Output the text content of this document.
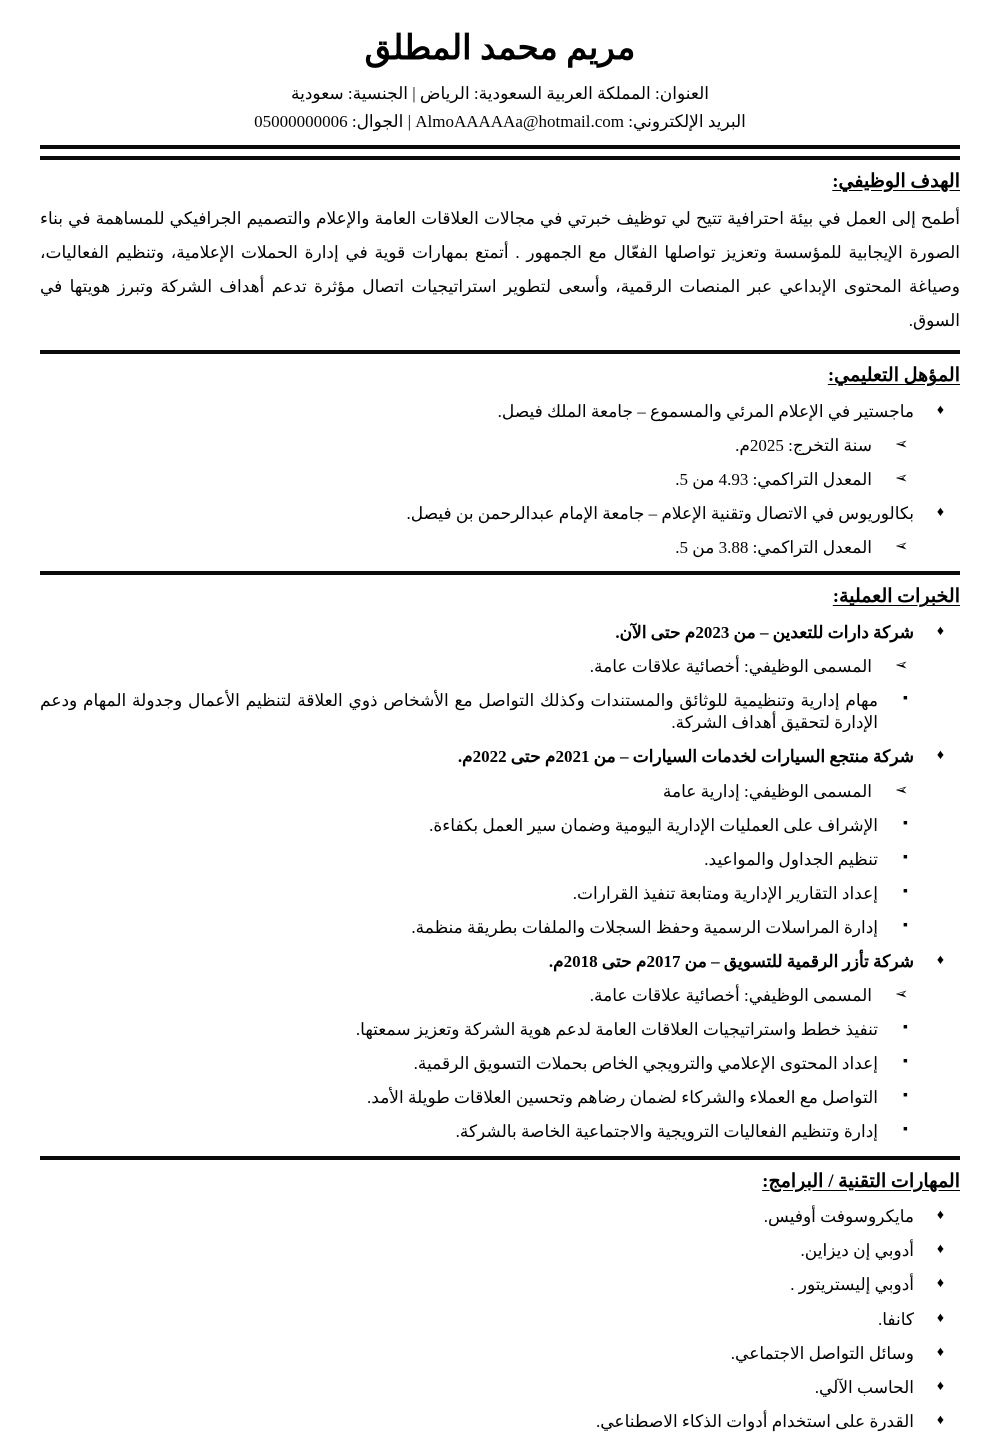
مريم محمد المطلق

العنوان: المملكة العربية السعودية: الرياض | الجنسية: سعودية

البريد الإلكتروني: AlmoAAAAAa@hotmail.com | الجوال: 05000000006

الهدف الوظيفي:

أطمح إلى العمل في بيئة احترافية تتيح لي توظيف خبرتي في مجالات العلاقات العامة والإعلام والتصميم الجرافيكي للمساهمة في بناء الصورة الإيجابية للمؤسسة وتعزيز تواصلها الفعّال مع الجمهور . أتمتع بمهارات قوية في إدارة الحملات الإعلامية، وتنظيم الفعاليات، وصياغة المحتوى الإبداعي عبر المنصات الرقمية، وأسعى لتطوير استراتيجيات اتصال مؤثرة تدعم أهداف الشركة وتبرز هويتها في السوق.

المؤهل التعليمي:
♦
ماجستير في الإعلام المرئي والمسموع – جامعة الملك فيصل.
➢
سنة التخرج: 2025م.
➢
المعدل التراكمي: 4.93 من 5.
♦
بكالوريوس في الاتصال وتقنية الإعلام – جامعة الإمام عبدالرحمن بن فيصل.
➢
المعدل التراكمي: 3.88 من 5.
الخبرات العملية:
♦
شركة دارات للتعدين – من 2023م حتى الآن.
➢
المسمى الوظيفي: أخصائية علاقات عامة.
▪
مهام إدارية وتنظيمية للوثائق والمستندات وكذلك التواصل مع الأشخاص ذوي العلاقة لتنظيم الأعمال وجدولة المهام ودعم الإدارة لتحقيق أهداف الشركة.
♦
شركة منتجع السيارات لخدمات السيارات – من 2021م حتى 2022م.
➢
المسمى الوظيفي: إدارية عامة
▪
الإشراف على العمليات الإدارية اليومية وضمان سير العمل بكفاءة.
▪
تنظيم الجداول والمواعيد.
▪
إعداد التقارير الإدارية ومتابعة تنفيذ القرارات.
▪
إدارة المراسلات الرسمية وحفظ السجلات والملفات بطريقة منظمة.
♦
شركة تأزر الرقمية للتسويق – من 2017م حتى 2018م.
➢
المسمى الوظيفي: أخصائية علاقات عامة.
▪
تنفيذ خطط واستراتيجيات العلاقات العامة لدعم هوية الشركة وتعزيز سمعتها.
▪
إعداد المحتوى الإعلامي والترويجي الخاص بحملات التسويق الرقمية.
▪
التواصل مع العملاء والشركاء لضمان رضاهم وتحسين العلاقات طويلة الأمد.
▪
إدارة وتنظيم الفعاليات الترويجية والاجتماعية الخاصة بالشركة.
المهارات التقنية / البرامج:
♦
مايكروسوفت أوفيس.
♦
أدوبي إن ديزاين.
♦
أدوبي إليستريتور .
♦
كانفا.
♦
وسائل التواصل الاجتماعي.
♦
الحاسب الآلي.
♦
القدرة على استخدام أدوات الذكاء الاصطناعي.
